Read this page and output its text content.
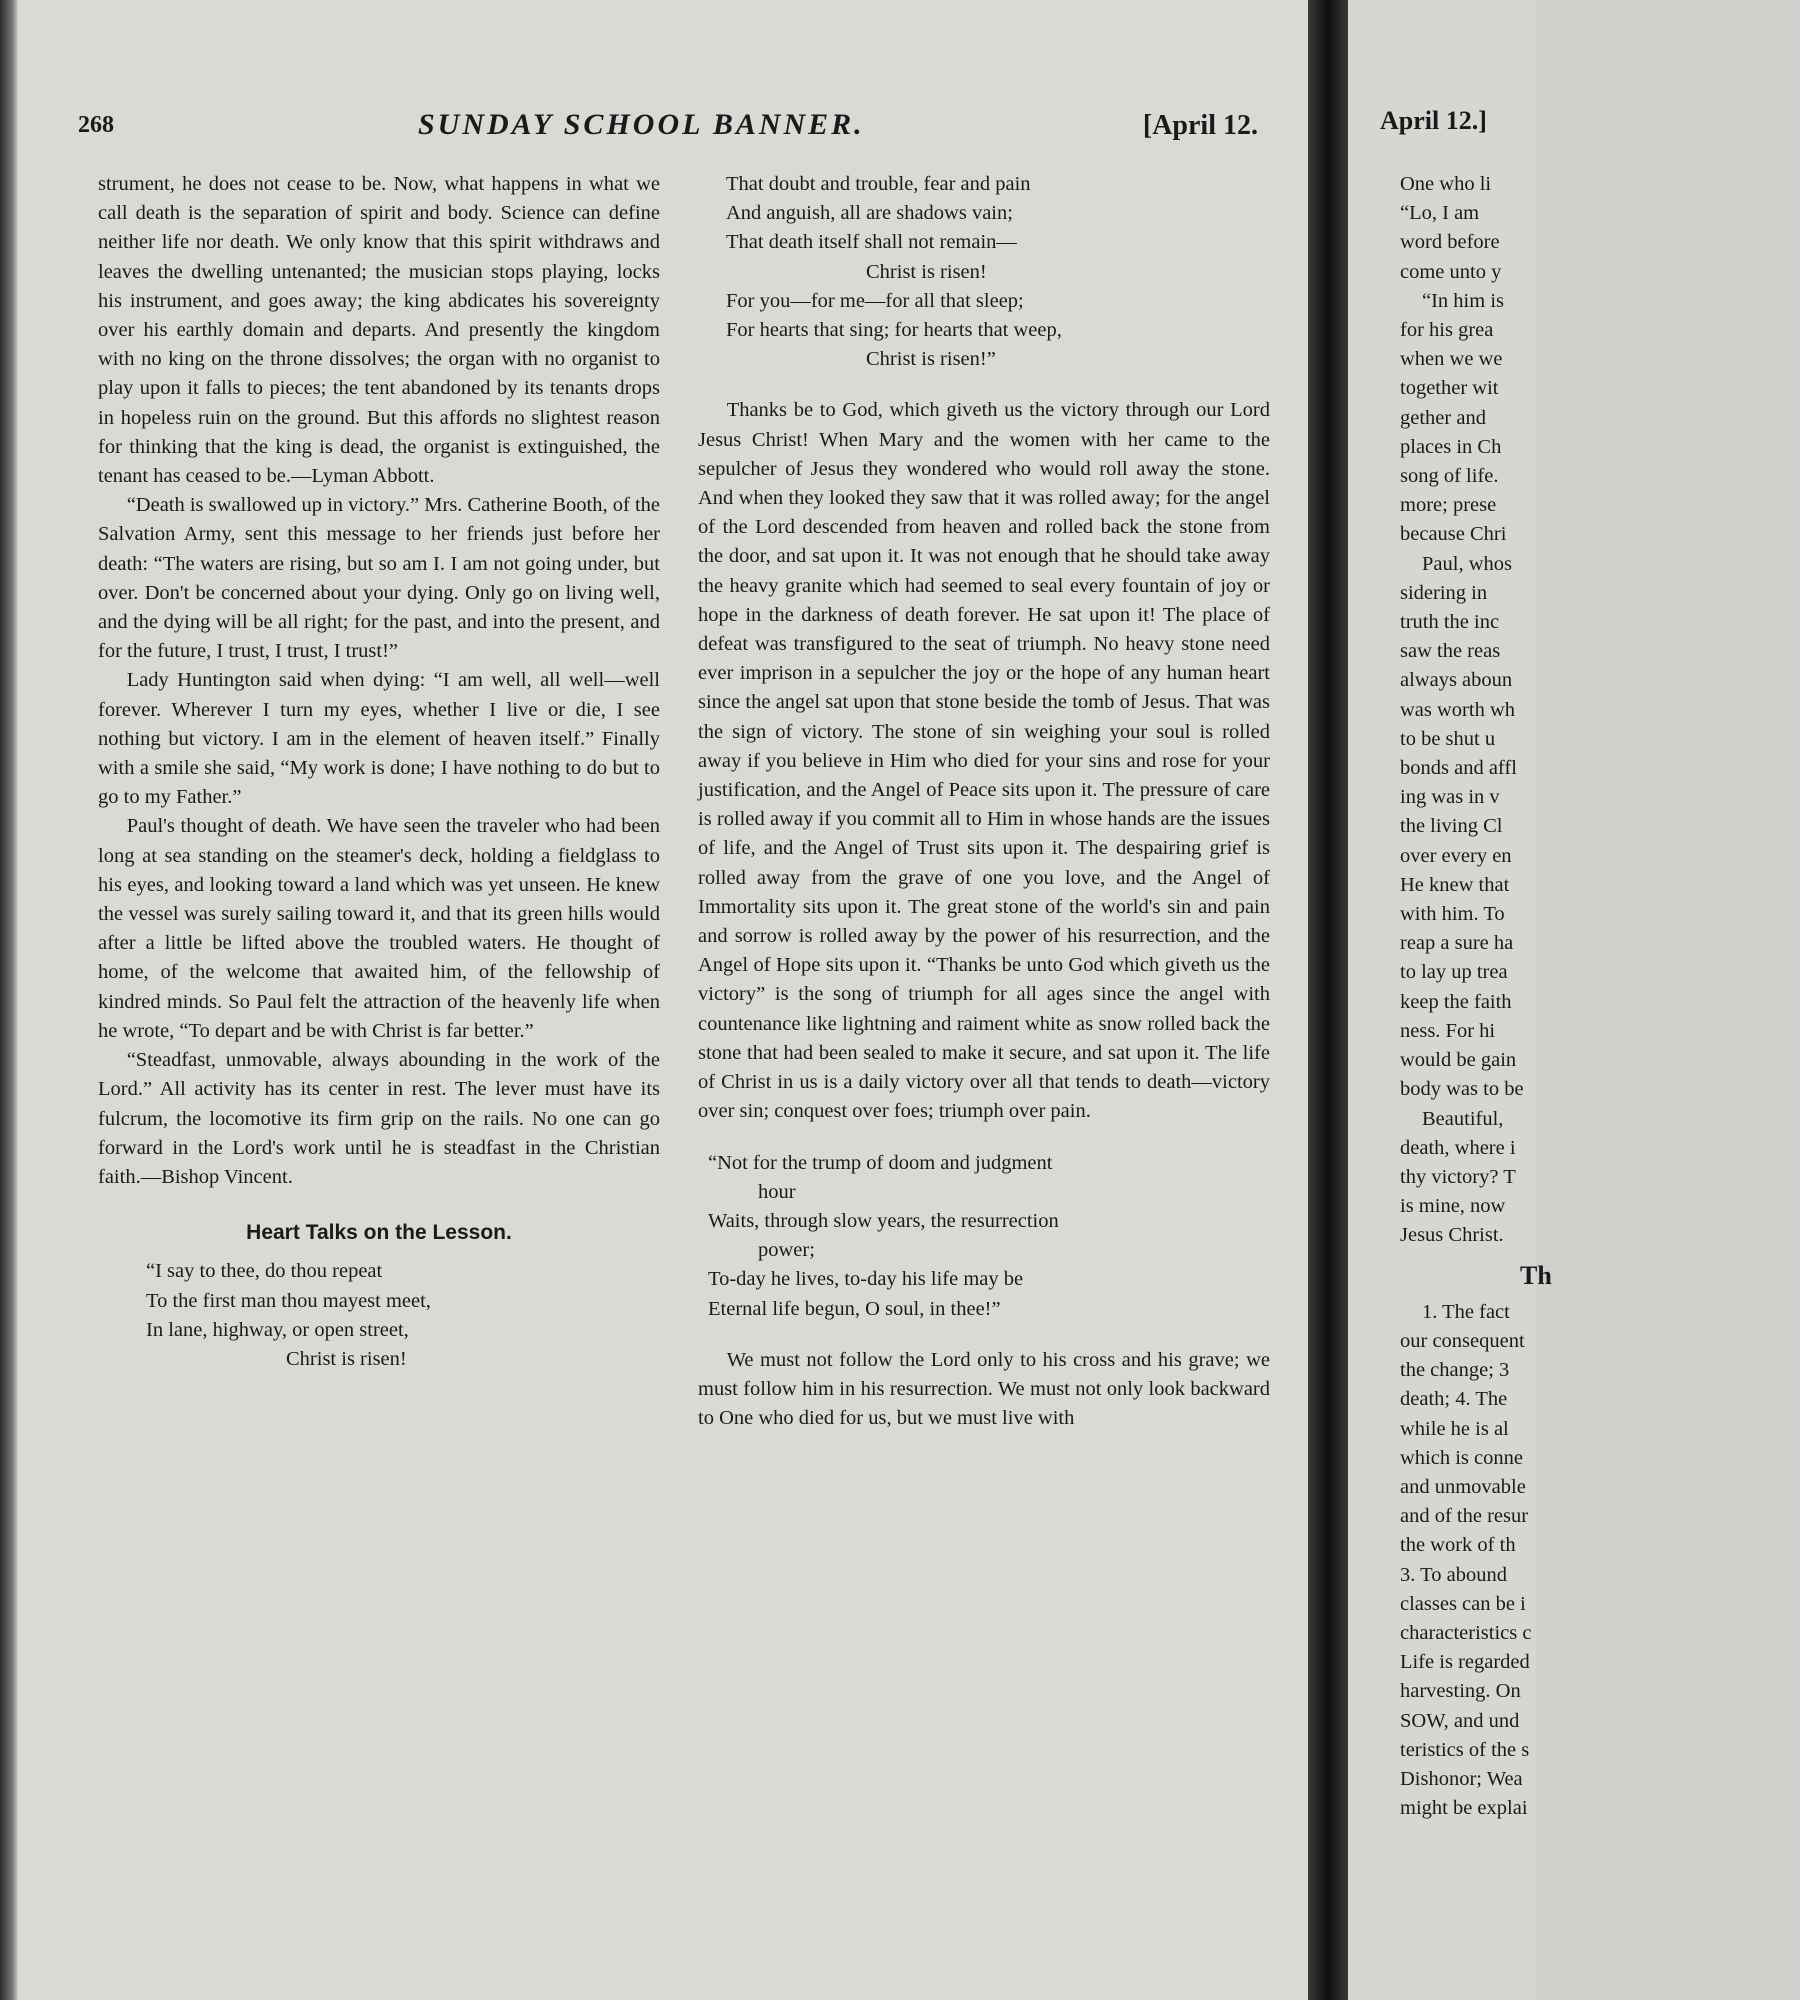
268	SUNDAY SCHOOL BANNER.	[April 12.

strument, he does not cease to be. Now, what happens in what we call death is the separation of spirit and body. Science can define neither life nor death. We only know that this spirit withdraws and leaves the dwelling untenanted; the musician stops playing, locks his instrument, and goes away; the king abdicates his sovereignty over his earthly domain and departs. And presently the kingdom with no king on the throne dissolves; the organ with no organist to play upon it falls to pieces; the tent abandoned by its tenants drops in hopeless ruin on the ground. But this affords no slightest reason for thinking that the king is dead, the organist is extinguished, the tenant has ceased to be.—Lyman Abbott.

“Death is swallowed up in victory.” Mrs. Catherine Booth, of the Salvation Army, sent this message to her friends just before her death: “The waters are rising, but so am I. I am not going under, but over. Don't be concerned about your dying. Only go on living well, and the dying will be all right; for the past, and into the present, and for the future, I trust, I trust, I trust!”

Lady Huntington said when dying: “I am well, all well—well forever. Wherever I turn my eyes, whether I live or die, I see nothing but victory. I am in the element of heaven itself.” Finally with a smile she said, “My work is done; I have nothing to do but to go to my Father.”

Paul's thought of death. We have seen the traveler who had been long at sea standing on the steamer's deck, holding a fieldglass to his eyes, and looking toward a land which was yet unseen. He knew the vessel was surely sailing toward it, and that its green hills would after a little be lifted above the troubled waters. He thought of home, of the welcome that awaited him, of the fellowship of kindred minds. So Paul felt the attraction of the heavenly life when he wrote, “To depart and be with Christ is far better.”

“Steadfast, unmovable, always abounding in the work of the Lord.” All activity has its center in rest. The lever must have its fulcrum, the locomotive its firm grip on the rails. No one can go forward in the Lord's work until he is steadfast in the Christian faith.—Bishop Vincent.

Heart Talks on the Lesson.
“I say to thee, do thou repeat
To the first man thou mayest meet,
In lane, highway, or open street,
Christ is risen!
That doubt and trouble, fear and pain
And anguish, all are shadows vain;
That death itself shall not remain—
Christ is risen!
For you—for me—for all that sleep;
For hearts that sing; for hearts that weep,
Christ is risen!”

Thanks be to God, which giveth us the victory through our Lord Jesus Christ! When Mary and the women with her came to the sepulcher of Jesus they wondered who would roll away the stone. And when they looked they saw that it was rolled away; for the angel of the Lord descended from heaven and rolled back the stone from the door, and sat upon it. It was not enough that he should take away the heavy granite which had seemed to seal every fountain of joy or hope in the darkness of death forever. He sat upon it! The place of defeat was transfigured to the seat of triumph. No heavy stone need ever imprison in a sepulcher the joy or the hope of any human heart since the angel sat upon that stone beside the tomb of Jesus. That was the sign of victory. The stone of sin weighing your soul is rolled away if you believe in Him who died for your sins and rose for your justification, and the Angel of Peace sits upon it. The pressure of care is rolled away if you commit all to Him in whose hands are the issues of life, and the Angel of Trust sits upon it. The despairing grief is rolled away from the grave of one you love, and the Angel of Immortality sits upon it. The great stone of the world's sin and pain and sorrow is rolled away by the power of his resurrection, and the Angel of Hope sits upon it. “Thanks be unto God which giveth us the victory” is the song of triumph for all ages since the angel with countenance like lightning and raiment white as snow rolled back the stone that had been sealed to make it secure, and sat upon it. The life of Christ in us is a daily victory over all that tends to death—victory over sin; conquest over foes; triumph over pain.

“Not for the trump of doom and judgment
hour
Waits, through slow years, the resurrection
power;
To-day he lives, to-day his life may be
Eternal life begun, O soul, in thee!”

We must not follow the Lord only to his cross and his grave; we must follow him in his resurrection. We must not only look backward to One who died for us, but we must live with

April 12.]
One who li
“Lo, I am
word before
come unto y
“In him is
for his grea
when we we
together wit
gether and
places in Ch
song of life.
more; prese
because Chri
Paul, whos
sidering in
truth the inc
saw the reas
always aboun
was worth wh
to be shut u
bonds and affl
ing was in v
the living Cl
over every en
He knew that
with him. To
reap a sure ha
to lay up trea
keep the faith
ness. For hi
would be gain
body was to be
Beautiful,
death, where i
thy victory? T
is mine, now
Jesus Christ.
Th
1. The fact
our consequent
the change; 3
death; 4. The
while he is al
which is conne
and unmovable
and of the resur
the work of th
3. To abound
classes can be i
characteristics c
Life is regarded
harvesting. On
SOW, and und
teristics of the s
Dishonor; Wea
might be explai
